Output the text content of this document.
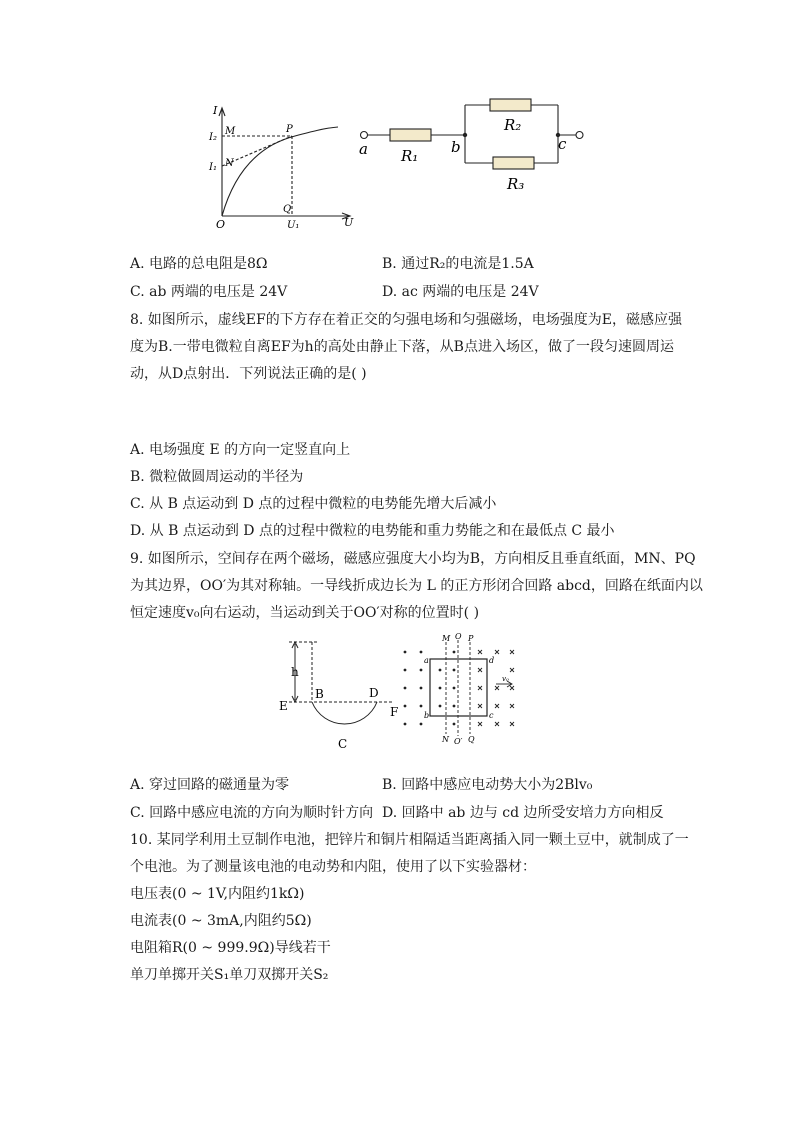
I
U
O
I₂
I₁
M
N
P
Q
U₁
a	b	c
R₁
R₂
R₃
A. 电路的总电阻是8Ω	B. 通过R₂的电流是1.5A
C. ab 两端的电压是 24V	D. ac 两端的电压是 24V
8. 如图所示，虚线EF的下方存在着正交的匀强电场和匀强磁场，电场强度为E，磁感应强
度为B.一带电微粒自离EF为h的高处由静止下落，从B点进入场区，做了一段匀速圆周运
动，从D点射出．下列说法正确的是( )
A. 电场强度 E 的方向一定竖直向上
B. 微粒做圆周运动的半径为
C. 从 B 点运动到 D 点的过程中微粒的电势能先增大后减小
D. 从 B 点运动到 D 点的过程中微粒的电势能和重力势能之和在最低点 C 最小
9. 如图所示，空间存在两个磁场，磁感应强度大小均为B，方向相反且垂直纸面，MN、PQ
为其边界，OO′为其对称轴。一导线折成边长为 L 的正方形闭合回路 abcd，回路在纸面内以
恒定速度v₀向右运动，当运动到关于OO′对称的位置时( )
h
B	D
E	F
C
M O P
N O′ Q
a
b	c
d
v₀
A. 穿过回路的磁通量为零	B. 回路中感应电动势大小为2Blv₀
C. 回路中感应电流的方向为顺时针方向 D. 回路中 ab 边与 cd 边所受安培力方向相反
10. 某同学利用土豆制作电池，把锌片和铜片相隔适当距离插入同一颗土豆中，就制成了一
个电池。为了测量该电池的电动势和内阻，使用了以下实验器材：
电压表(0 ~ 1V,内阻约1kΩ)
电流表(0 ~ 3mA,内阻约5Ω)
电阻箱R(0 ~ 999.9Ω)导线若干
单刀单掷开关S₁单刀双掷开关S₂
